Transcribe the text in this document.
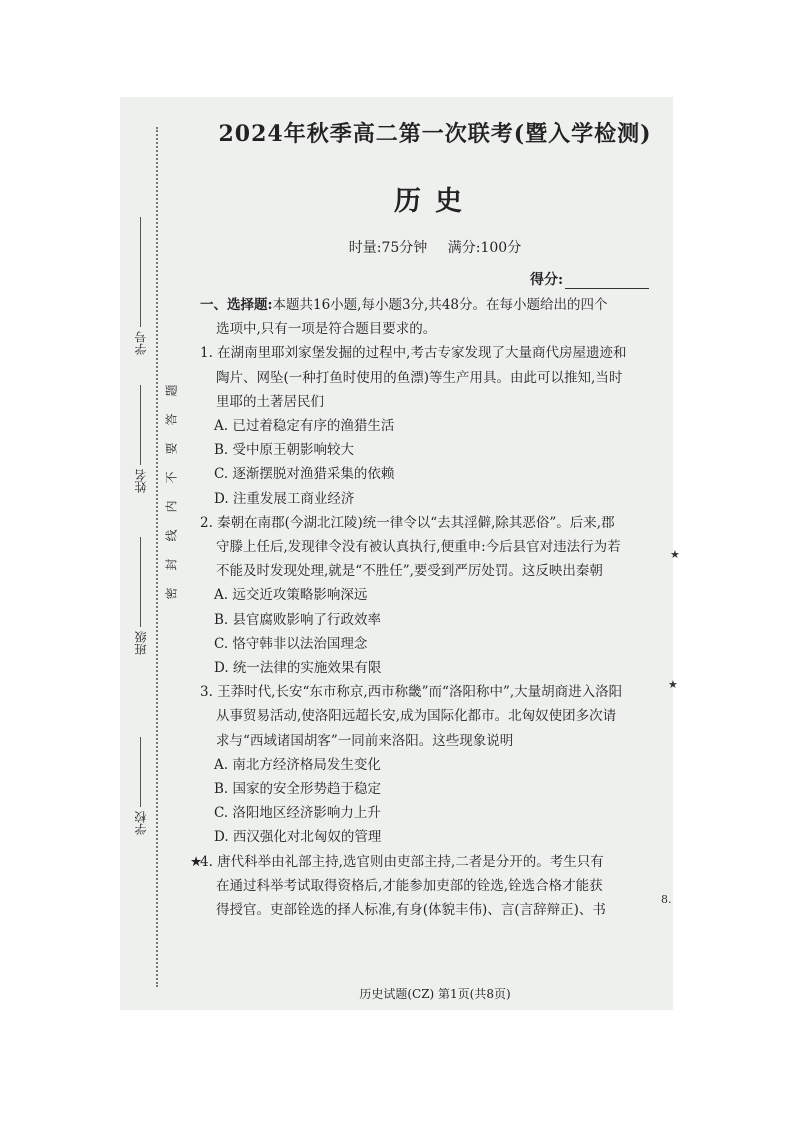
学号
姓名
班级
学校
题
答
要
不
内
线
封
密
2024年秋季高二第一次联考(暨入学检测)
历史
时量:75分钟 满分:100分
得分:

一、选择题:本题共16小题,每小题3分,共48分。在每小题给出的四个

选项中,只有一项是符合题目要求的。

1. 在湖南里耶刘家堡发掘的过程中,考古专家发现了大量商代房屋遗迹和

陶片、网坠(一种打鱼时使用的鱼漂)等生产用具。由此可以推知,当时

里耶的土著居民们

A. 已过着稳定有序的渔猎生活

B. 受中原王朝影响较大

C. 逐渐摆脱对渔猎采集的依赖

D. 注重发展工商业经济

2. 秦朝在南郡(今湖北江陵)统一律令以“去其淫僻,除其恶俗”。后来,郡

守滕上任后,发现律令没有被认真执行,便重申:今后县官对违法行为若

不能及时发现处理,就是“不胜任”,要受到严厉处罚。这反映出秦朝

A. 远交近攻策略影响深远

B. 县官腐败影响了行政效率

C. 恪守韩非以法治国理念

D. 统一法律的实施效果有限

3. 王莽时代,长安“东市称京,西市称畿”而“洛阳称中”,大量胡商进入洛阳

从事贸易活动,使洛阳远超长安,成为国际化都市。北匈奴使团多次请

求与“西域诸国胡客”一同前来洛阳。这些现象说明

A. 南北方经济格局发生变化

B. 国家的安全形势趋于稳定

C. 洛阳地区经济影响力上升

D. 西汉强化对北匈奴的管理

★

4. 唐代科举由礼部主持,选官则由吏部主持,二者是分开的。考生只有

在通过科举考试取得资格后,才能参加吏部的铨选,铨选合格才能获

得授官。吏部铨选的择人标准,有身(体貌丰伟)、言(言辞辩正)、书

历史试题(CZ) 第1页(共8页)
★
★
8.
